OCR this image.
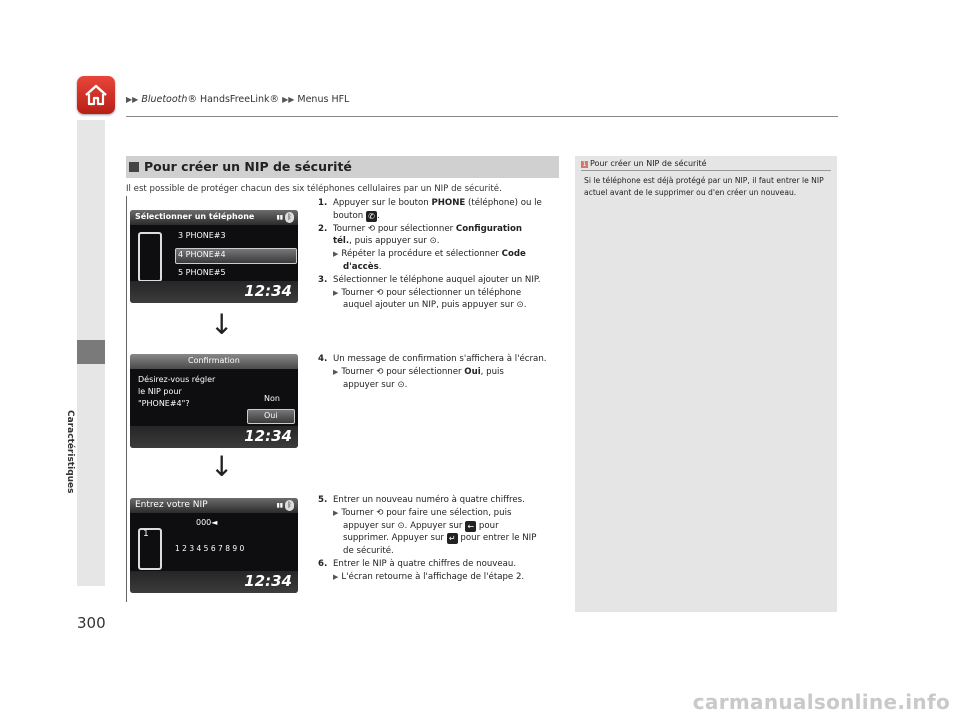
▶▶ Bluetooth® HandsFreeLink® ▶▶ Menus HFL
Caractéristiques
300
Pour créer un NIP de sécurité
Il est possible de protéger chacun des six téléphones cellulaires par un NIP de sécurité.
Sélectionner un téléphone	▮▮ ᛒ
3 PHONE#3
4 PHONE#4
5 PHONE#5
12:34
↓
Confirmation
Désirez-vous régler
le NIP pour
"PHONE#4"?
Non
Oui
12:34
↓
Entrez votre NIP	▮▮ ᛒ
1
000◄
1234567890
12:34
1. Appuyer sur le bouton PHONE (téléphone) ou le
bouton ✆ .
2. Tourner ⟲ pour sélectionner Configuration
tél., puis appuyer sur ⊙.
▶ Répéter la procédure et sélectionner Code
d'accès.
3. Sélectionner le téléphone auquel ajouter un NIP.
▶ Tourner ⟲ pour sélectionner un téléphone
auquel ajouter un NIP, puis appuyer sur ⊙.
4. Un message de confirmation s'affichera à l'écran.
▶ Tourner ⟲ pour sélectionner Oui, puis
appuyer sur ⊙.
5. Entrer un nouveau numéro à quatre chiffres.
▶ Tourner ⟲ pour faire une sélection, puis
appuyer sur ⊙. Appuyer sur ← pour
supprimer. Appuyer sur ↵ pour entrer le NIP
de sécurité.
6. Entrer le NIP à quatre chiffres de nouveau.
▶ L'écran retourne à l'affichage de l'étape 2.
1 Pour créer un NIP de sécurité
Si le téléphone est déjà protégé par un NIP, il faut entrer le NIP actuel avant de le supprimer ou d'en créer un nouveau.
carmanualsonline.info
